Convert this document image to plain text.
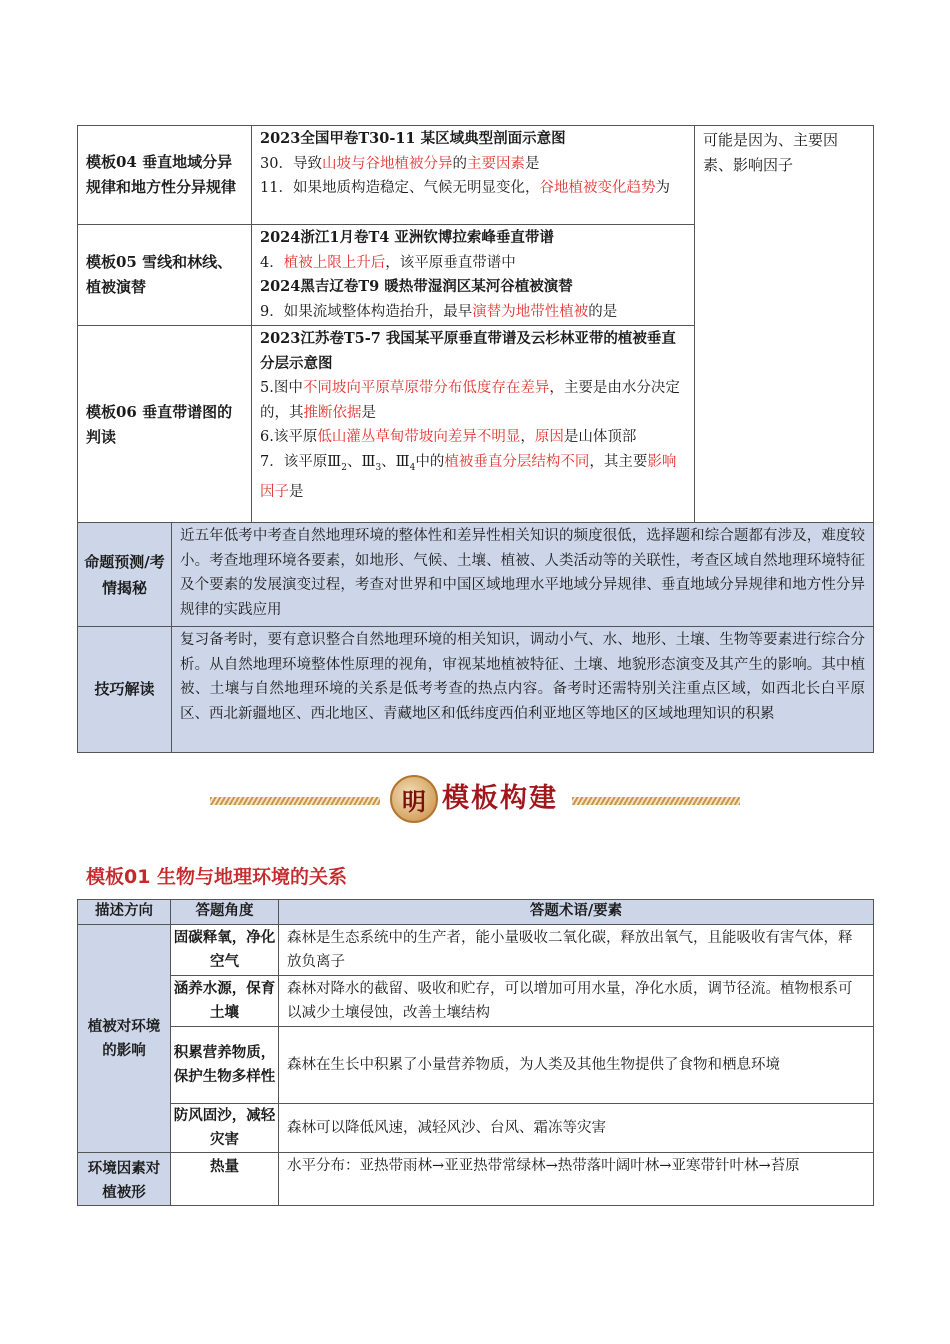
模板04 垂直地域分异规律和地方性分异规律	2023全国甲卷T30-11 某区域典型剖面示意图
30．导致山坡与谷地植被分异的主要因素是
11．如果地质构造稳定、气候无明显变化，谷地植被变化趋势为	可能是因为、主要因素、影响因子
模板05 雪线和林线、植被演替	2024浙江1月卷T4 亚洲钦博拉索峰垂直带谱
4．植被上限上升后，该平原垂直带谱中
2024黑吉辽卷T9 暖热带湿润区某河谷植被演替
9．如果流域整体构造抬升，最早演替为地带性植被的是	

模板06 垂直带谱图的判读	2023江苏卷T5-7 我国某平原垂直带谱及云杉林亚带的植被垂直分层示意图
5.图中不同坡向平原草原带分布低度存在差异，主要是由水分决定的，其推断依据是
6.该平原低山灌丛草甸带坡向差异不明显，原因是山体顶部
7．该平原$Ⅲ_2$、$Ⅲ_3$、$Ⅲ_4$中的植被垂直分层结构不同，其主要影响因子是	
命题预测/考情揭秘	近五年低考中考查自然地理环境的整体性和差异性相关知识的频度很低，选择题和综合题都有涉及，难度较小。考查地理环境各要素，如地形、气候、土壤、植被、人类活动等的关联性，考查区域自然地理环境特征及个要素的发展演变过程，考查对世界和中国区域地理水平地域分异规律、垂直地域分异规律和地方性分异规律的实践应用
技巧解读	复习备考时，要有意识整合自然地理环境的相关知识，调动小气、水、地形、土壤、生物等要素进行综合分析。从自然地理环境整体性原理的视角，审视某地植被特征、土壤、地貌形态演变及其产生的影响。其中植被、土壤与自然地理环境的关系是低考考查的热点内容。备考时还需特别关注重点区域，如西北长白平原区、西北新疆地区、西北地区、青藏地区和低纬度西伯利亚地区等地区的区域地理知识的积累
明 模板构建
模板01 生物与地理环境的关系
描述方向	答题角度	答题术语/要素
植被对环境的影响	固碳释氧，净化空气	森林是生态系统中的生产者，能小量吸收二氧化碳，释放出氧气，且能吸收有害气体，释放负离子
	涵养水源，保育土壤	森林对降水的截留、吸收和贮存，可以增加可用水量，净化水质，调节径流。植物根系可以减少土壤侵蚀，改善土壤结构
	积累营养物质，保护生物多样性	森林在生长中积累了小量营养物质，为人类及其他生物提供了食物和栖息环境
	防风固沙，减轻灾害	森林可以降低风速，减轻风沙、台风、霜冻等灾害
环境因素对植被形	热量	水平分布：亚热带雨林→亚亚热带常绿林→热带落叶阔叶林→亚寒带针叶林→苔原
